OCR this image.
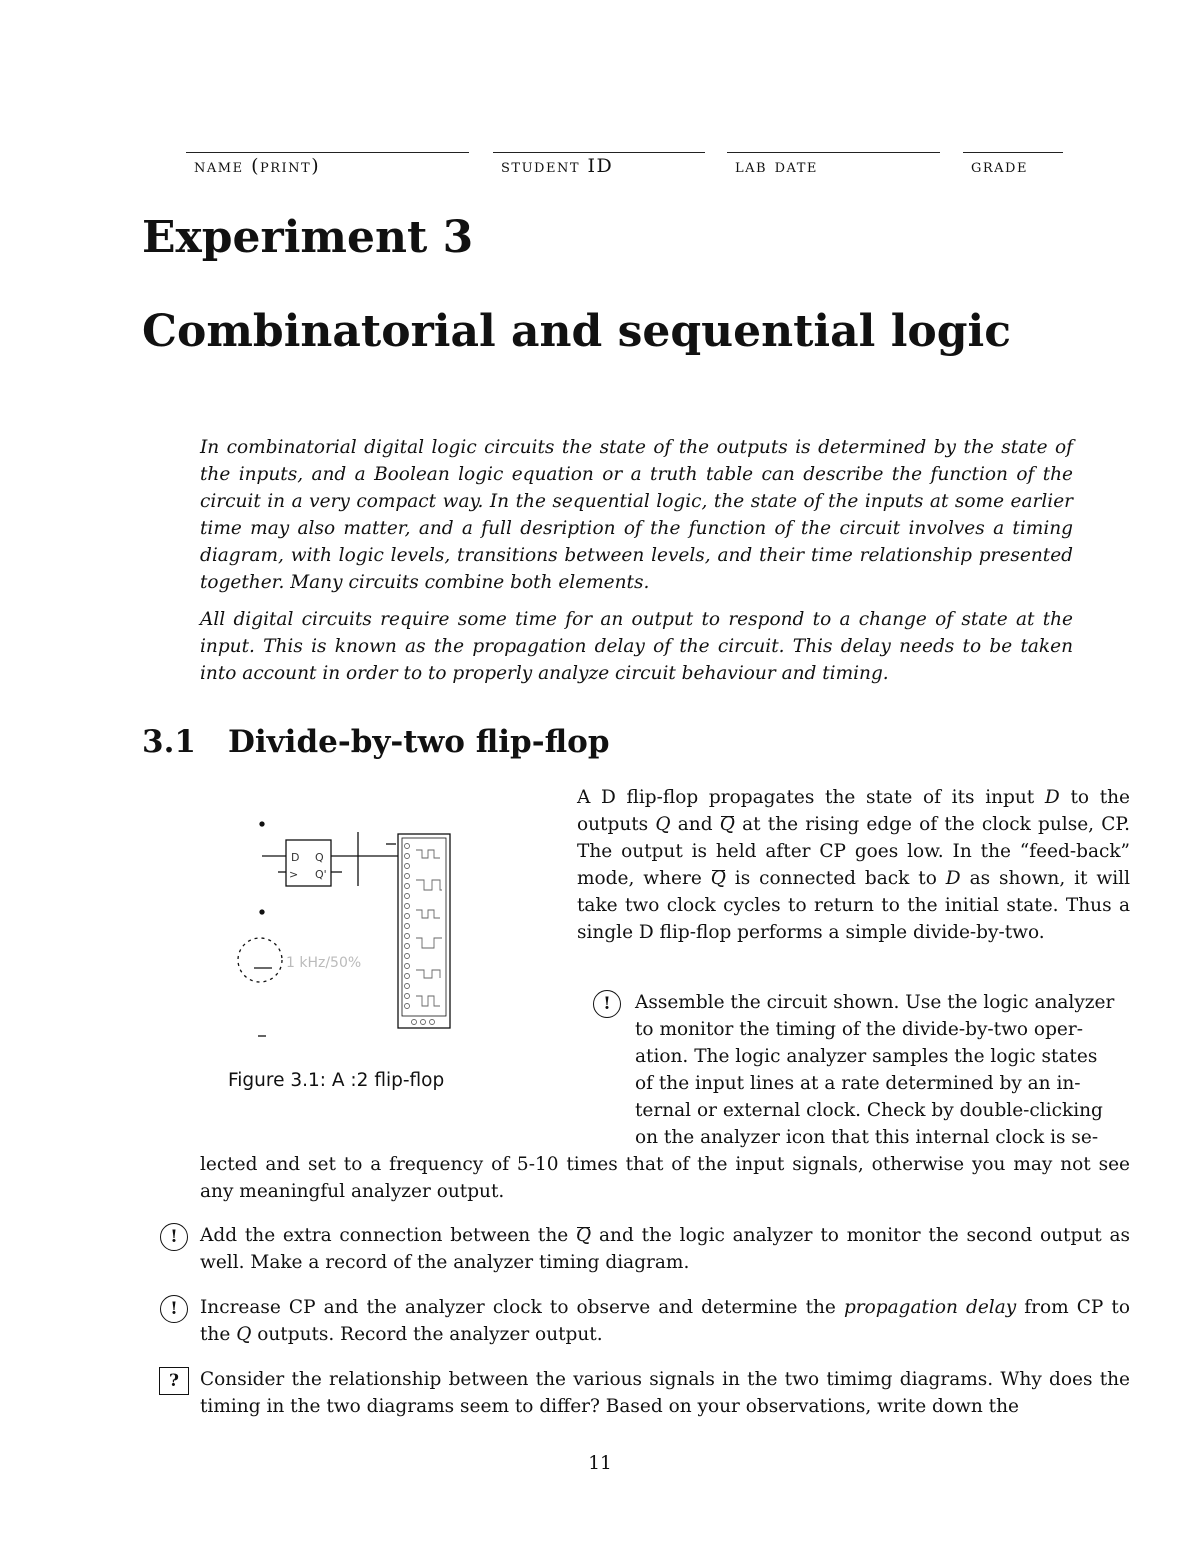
name (print)	student ID	lab date	grade
Experiment 3
Combinatorial and sequential logic

In combinatorial digital logic circuits the state of the outputs is determined by the state of the inputs, and a Boolean logic equation or a truth table can describe the function of the circuit in a very compact way. In the sequential logic, the state of the inputs at some earlier time may also matter, and a full desription of the function of the circuit involves a timing diagram, with logic levels, transitions between levels, and their time relationship presented together. Many circuits combine both elements.

All digital circuits require some time for an output to respond to a change of state at the input. This is known as the propagation delay of the circuit. This delay needs to be taken into account in order to to properly analyze circuit behaviour and timing.

3.1 Divide-by-two flip-flop
D Q
> Q'
1 kHz/50%
Figure 3.1: A :2 flip-flop
A D flip-flop propagates the state of its input D to the outputs Q and Q at the rising edge of the clock pulse, CP. The output is held after CP goes low. In the “feed-back” mode, where Q is connected back to D as shown, it will take two clock cycles to return to the initial state. Thus a single D flip-flop performs a simple divide-by-two.
!	Assemble the circuit shown. Use the logic analyzer
to monitor the timing of the divide-by-two oper-
ation. The logic analyzer samples the logic states
of the input lines at a rate determined by an in-
ternal or external clock. Check by double-clicking
on the analyzer icon that this internal clock is se-
lected and set to a frequency of 5-10 times that of the input signals, otherwise you may not see any meaningful analyzer output.
!	Add the extra connection between the Q and the logic analyzer to monitor the second output as well. Make a record of the analyzer timing diagram.
!	Increase CP and the analyzer clock to observe and determine the propagation delay from CP to the Q outputs. Record the analyzer output.
?	Consider the relationship between the various signals in the two timimg diagrams. Why does the timing in the two diagrams seem to differ? Based on your observations, write down the
11
